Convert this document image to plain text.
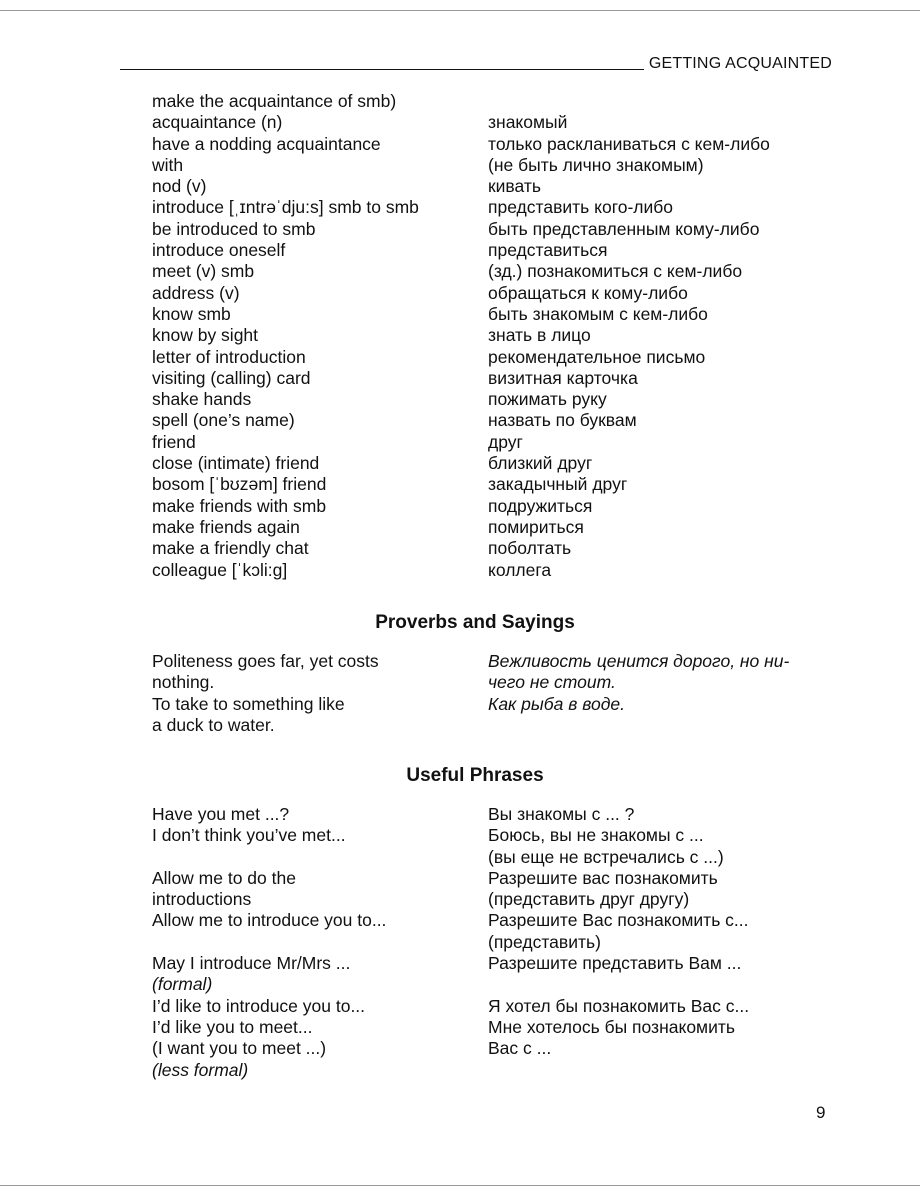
GETTING ACQUAINTED
make the acquaintance of smb)
acquaintance (n)	знакомый
have a nodding acquaintance	только раскланиваться с кем-либо
with	(не быть лично знакомым)
nod (v)	кивать
introduce [ˌɪntrəˈdju:s] smb to smb	представить кого-либо
be introduced to smb	быть представленным кому-либо
introduce oneself	представиться
meet (v) smb	(зд.) познакомиться с кем-либо
address (v)	обращаться к кому-либо
know smb	быть знакомым с кем-либо
know by sight	знать в лицо
letter of introduction	рекомендательное письмо
visiting (calling) card	визитная карточка
shake hands	пожимать руку
spell (one’s name)	назвать по буквам
friend	друг
close (intimate) friend	близкий друг
bosom [ˈbʊzəm] friend	закадычный друг
make friends with smb	подружиться
make friends again	помириться
make a friendly chat	поболтать
colleague [ˈkɔli:g]	коллега
Proverbs and Sayings
Politeness goes far, yet costs	Вежливость ценится дорого, но ни-
nothing.	чего не стоит.
To take to something like	Как рыба в воде.
a duck to water.
Useful Phrases
Have you met ...?	Вы знакомы с ... ?
I don’t think you’ve met...	Боюсь, вы не знакомы с ...
(вы еще не встречались с ...)
Allow me to do the	Разрешите вас познакомить
introductions	(представить друг другу)
Allow me to introduce you to...	Разрешите Вас познакомить с...
(представить)
May I introduce Mr/Mrs ...	Разрешите представить Вам ...
(formal)
I’d like to introduce you to...	Я хотел бы познакомить Вас с...
I’d like you to meet...	Мне хотелось бы познакомить
(I want you to meet ...)	Вас с ...
(less formal)
9
